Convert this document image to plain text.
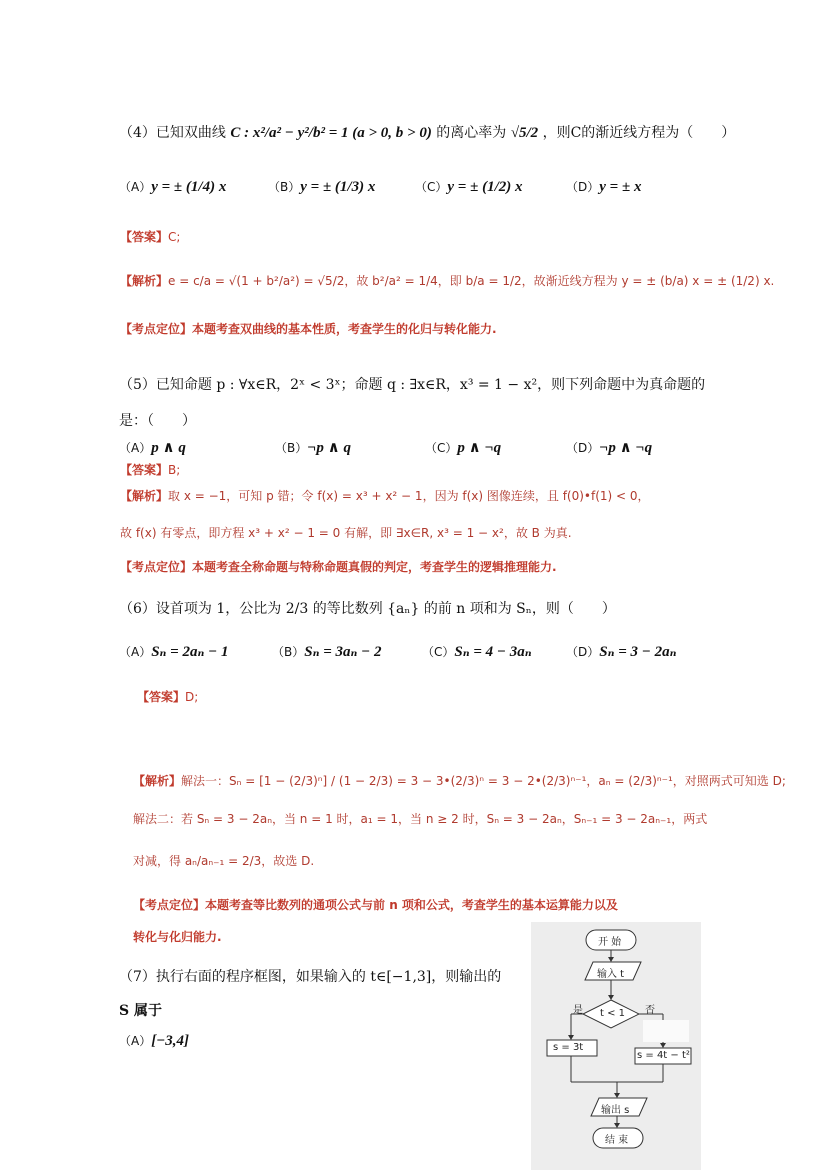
（4）已知双曲线 C : x²/a² − y²/b² = 1 (a > 0, b > 0) 的离心率为 √5/2 ，则C的渐近线方程为（　　）
（A）y = ± (1/4) x	（B）y = ± (1/3) x	（C）y = ± (1/2) x	（D）y = ± x
【答案】C;
【解析】e = c/a = √(1 + b²/a²) = √5/2，故 b²/a² = 1/4，即 b/a = 1/2，故渐近线方程为 y = ± (b/a) x = ± (1/2) x.
【考点定位】本题考查双曲线的基本性质，考查学生的化归与转化能力.
（5）已知命题 p : ∀x∈R，2ˣ < 3ˣ；命题 q : ∃x∈R，x³ = 1 − x²，则下列命题中为真命题的
是：（　　）
（A）p ∧ q	（B）¬p ∧ q	（C）p ∧ ¬q	（D）¬p ∧ ¬q
【答案】B;
【解析】取 x = −1，可知 p 错；令 f(x) = x³ + x² − 1，因为 f(x) 图像连续，且 f(0)•f(1) < 0，
故 f(x) 有零点，即方程 x³ + x² − 1 = 0 有解，即 ∃x∈R, x³ = 1 − x²，故 B 为真.
【考点定位】本题考查全称命题与特称命题真假的判定，考查学生的逻辑推理能力.
（6）设首项为 1，公比为 2/3 的等比数列 {aₙ} 的前 n 项和为 Sₙ，则（　　）
（A）Sₙ = 2aₙ − 1	（B）Sₙ = 3aₙ − 2	（C）Sₙ = 4 − 3aₙ	（D）Sₙ = 3 − 2aₙ
【答案】D;
【解析】解法一：Sₙ = [1 − (2/3)ⁿ] / (1 − 2/3) = 3 − 3•(2/3)ⁿ = 3 − 2•(2/3)ⁿ⁻¹，aₙ = (2/3)ⁿ⁻¹，对照两式可知选 D;
解法二：若 Sₙ = 3 − 2aₙ，当 n = 1 时，a₁ = 1，当 n ≥ 2 时，Sₙ = 3 − 2aₙ，Sₙ₋₁ = 3 − 2aₙ₋₁，两式
对减，得 aₙ/aₙ₋₁ = 2/3，故选 D.
【考点定位】本题考查等比数列的通项公式与前 n 项和公式，考查学生的基本运算能力以及
转化与化归能力.
（7）执行右面的程序框图，如果输入的 t∈[−1,3]，则输出的
S 属于
（A）[−3,4]
开 始
输入 t
t < 1
是	否
s = 3t
s = 4t − t²
输出 s
结 束
